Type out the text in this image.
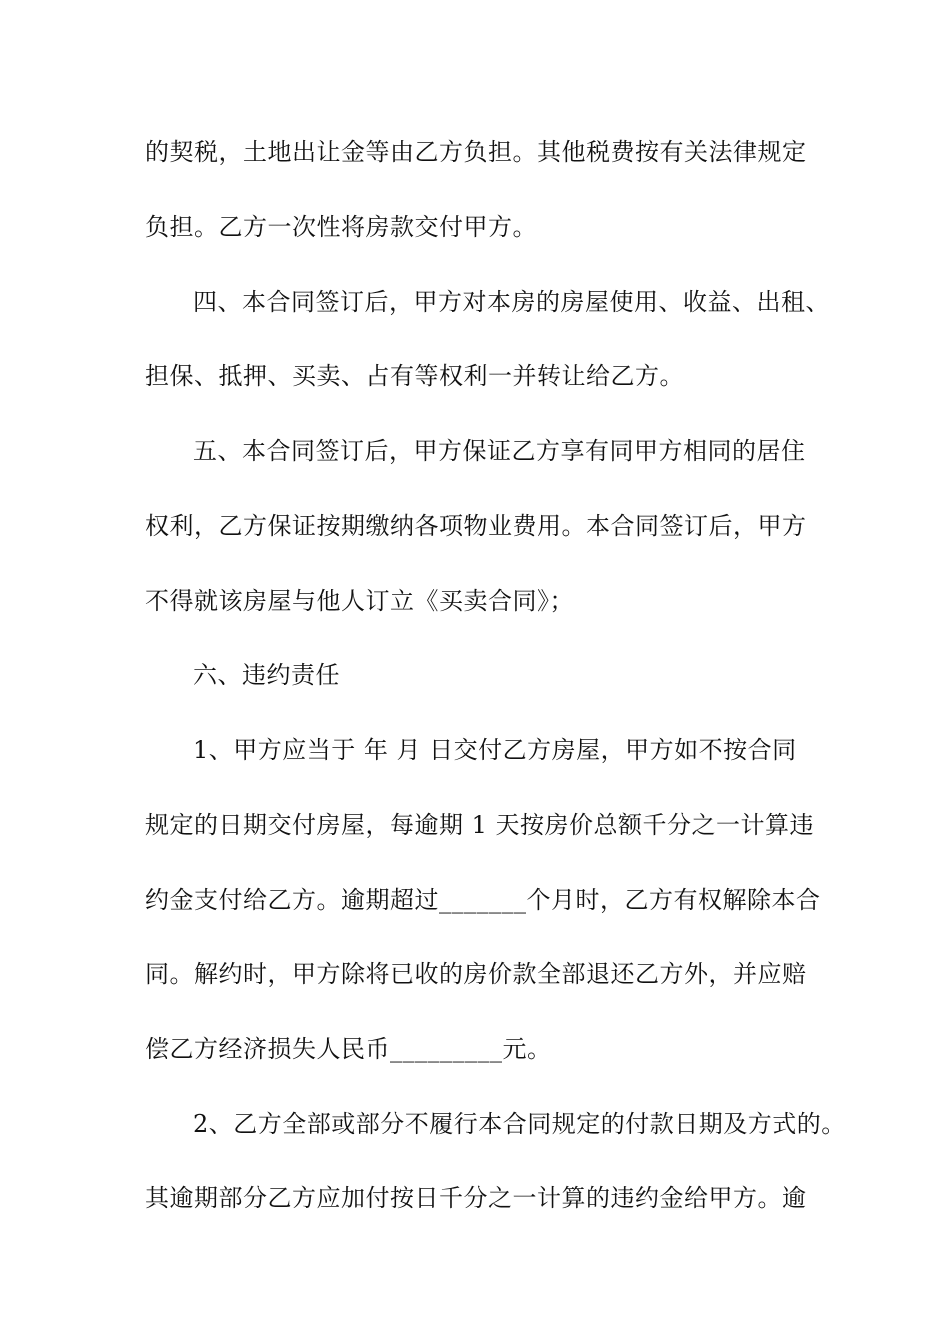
的契税，土地出让金等由乙方负担。其他税费按有关法律规定
负担。乙方一次性将房款交付甲方。
四、本合同签订后，甲方对本房的房屋使用、收益、出租、
担保、抵押、买卖、占有等权利一并转让给乙方。
五、本合同签订后，甲方保证乙方享有同甲方相同的居住
权利，乙方保证按期缴纳各项物业费用。本合同签订后，甲方
不得就该房屋与他人订立《买卖合同》；
六、违约责任
1、甲方应当于 年 月 日交付乙方房屋，甲方如不按合同
规定的日期交付房屋，每逾期 1 天按房价总额千分之一计算违
约金支付给乙方。逾期超过_______个月时，乙方有权解除本合
同。解约时，甲方除将已收的房价款全部退还乙方外，并应赔
偿乙方经济损失人民币_________元。
2、乙方全部或部分不履行本合同规定的付款日期及方式的。
其逾期部分乙方应加付按日千分之一计算的违约金给甲方。逾
